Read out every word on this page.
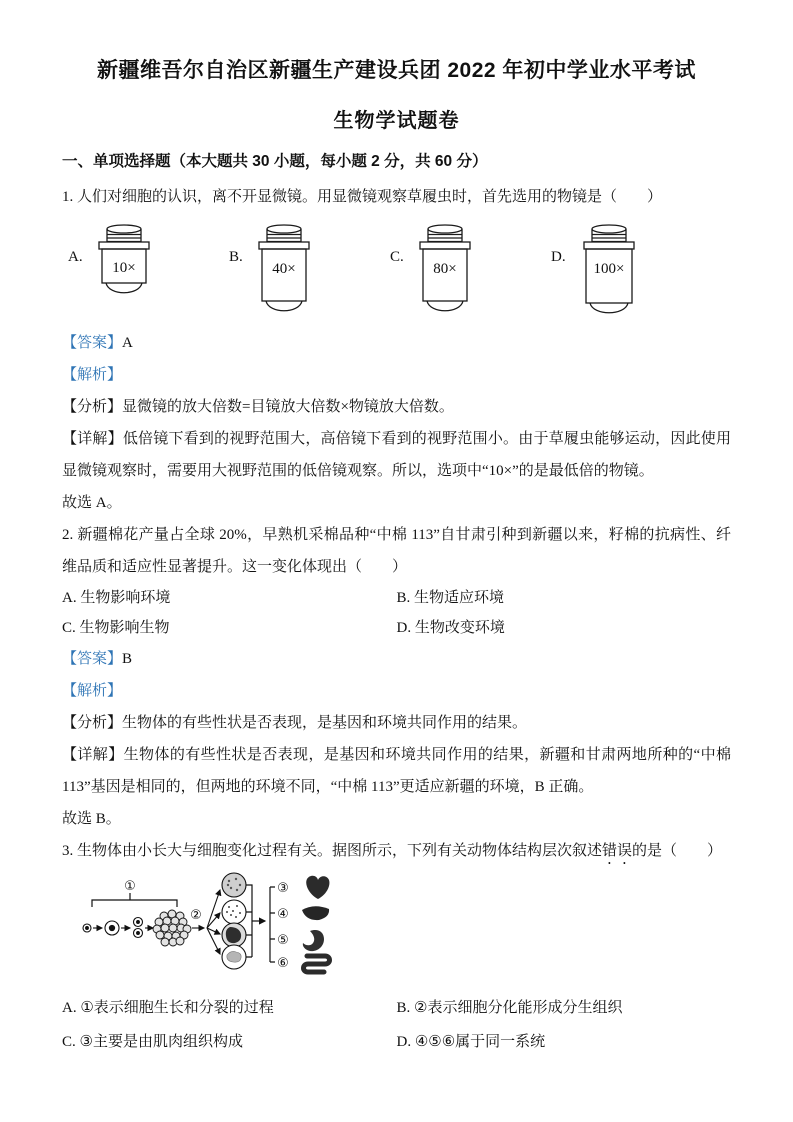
新疆维吾尔自治区新疆生产建设兵团 2022 年初中学业水平考试
生物学试题卷
一、单项选择题（本大题共 30 小题，每小题 2 分，共 60 分）

1. 人们对细胞的认识，离不开显微镜。用显微镜观察草履虫时，首先选用的物镜是（　　）

A.
10×
B.
40×
C.
80×
D.
100×

【答案】A

【解析】

【分析】显微镜的放大倍数=目镜放大倍数×物镜放大倍数。

【详解】低倍镜下看到的视野范围大，高倍镜下看到的视野范围小。由于草履虫能够运动，因此使用显微镜观察时，需要用大视野范围的低倍镜观察。所以，选项中“10×”的是最低倍的物镜。

故选 A。

2. 新疆棉花产量占全球 20%，早熟机采棉品种“中棉 113”自甘肃引种到新疆以来，籽棉的抗病性、纤维品质和适应性显著提升。这一变化体现出（　　）

A. 生物影响环境	B. 生物适应环境
C. 生物影响生物	D. 生物改变环境

【答案】B

【解析】

【分析】生物体的有些性状是否表现，是基因和环境共同作用的结果。

【详解】生物体的有些性状是否表现，是基因和环境共同作用的结果，新疆和甘肃两地所种的“中棉 113”基因是相同的，但两地的环境不同，“中棉 113”更适应新疆的环境，B 正确。

故选 B。

3. 生物体由小长大与细胞变化过程有关。据图所示，下列有关动物体结构层次叙述错误的是（　　）

①
②
③
④
⑤
⑥
A. ①表示细胞生长和分裂的过程	B. ②表示细胞分化能形成分生组织
C. ③主要是由肌肉组织构成	D. ④⑤⑥属于同一系统
